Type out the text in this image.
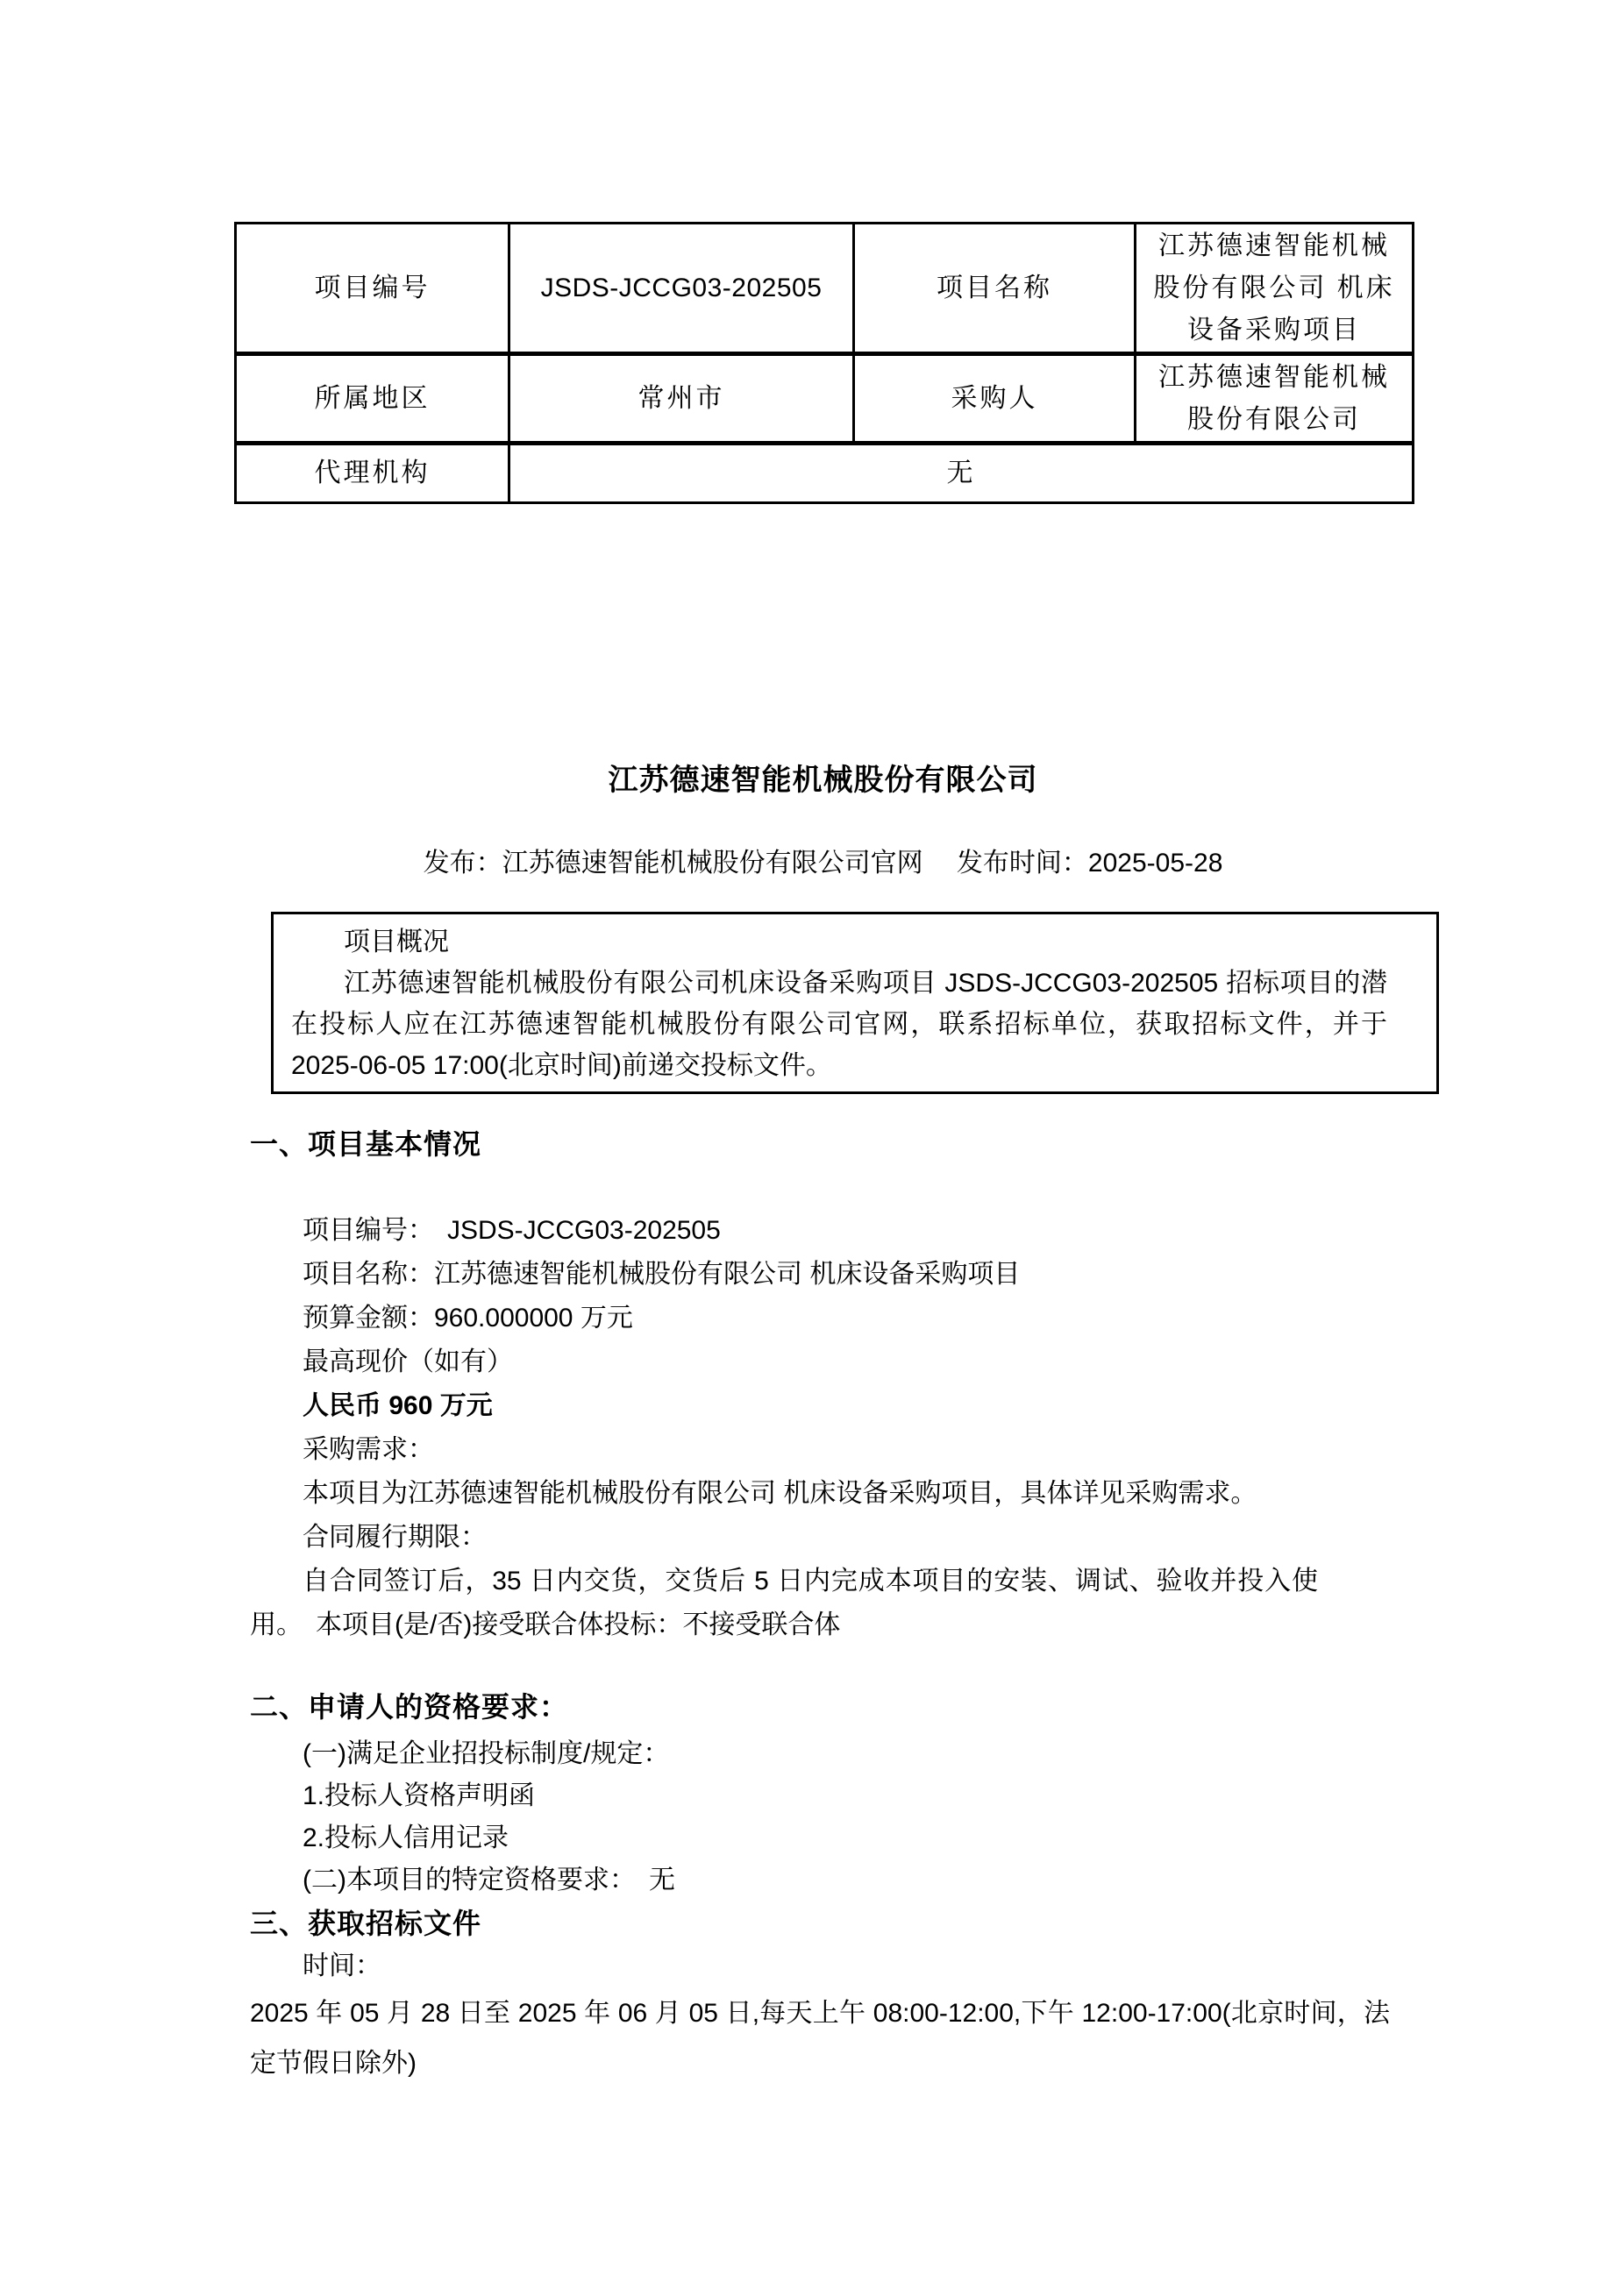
项目编号	JSDS-JCCG03-202505	项目名称	江苏德速智能机械 股份有限公司 机床 设备采购项目
所属地区	常州市	采购人	江苏德速智能机械 股份有限公司
代理机构	无		
江苏德速智能机械股份有限公司
发布：江苏德速智能机械股份有限公司官网　 发布时间：2025-05-28

项目概况

江苏德速智能机械股份有限公司机床设备采购项目 JSDS-JCCG03-202505 招标项目的潜在投标人应在江苏德速智能机械股份有限公司官网，联系招标单位，获取招标文件，并于 2025-06-05 17:00(北京时间)前递交投标文件。

一、项目基本情况

项目编号：　JSDS-JCCG03-202505

项目名称：江苏德速智能机械股份有限公司 机床设备采购项目

预算金额：960.000000 万元

最高现价（如有）

人民币 960 万元

采购需求：

本项目为江苏德速智能机械股份有限公司 机床设备采购项目，具体详见采购需求。

合同履行期限：

自合同签订后，35 日内交货，交货后 5 日内完成本项目的安装、调试、验收并投入使用。　本项目(是/否)接受联合体投标：不接受联合体

二、申请人的资格要求：

(一)满足企业招投标制度/规定：

1.投标人资格声明函

2.投标人信用记录

(二)本项目的特定资格要求：　无

三、获取招标文件

时间：

2025 年 05 月 28 日至 2025 年 06 月 05 日,每天上午 08:00-12:00,下午 12:00-17:00(北京时间，法定节假日除外)
